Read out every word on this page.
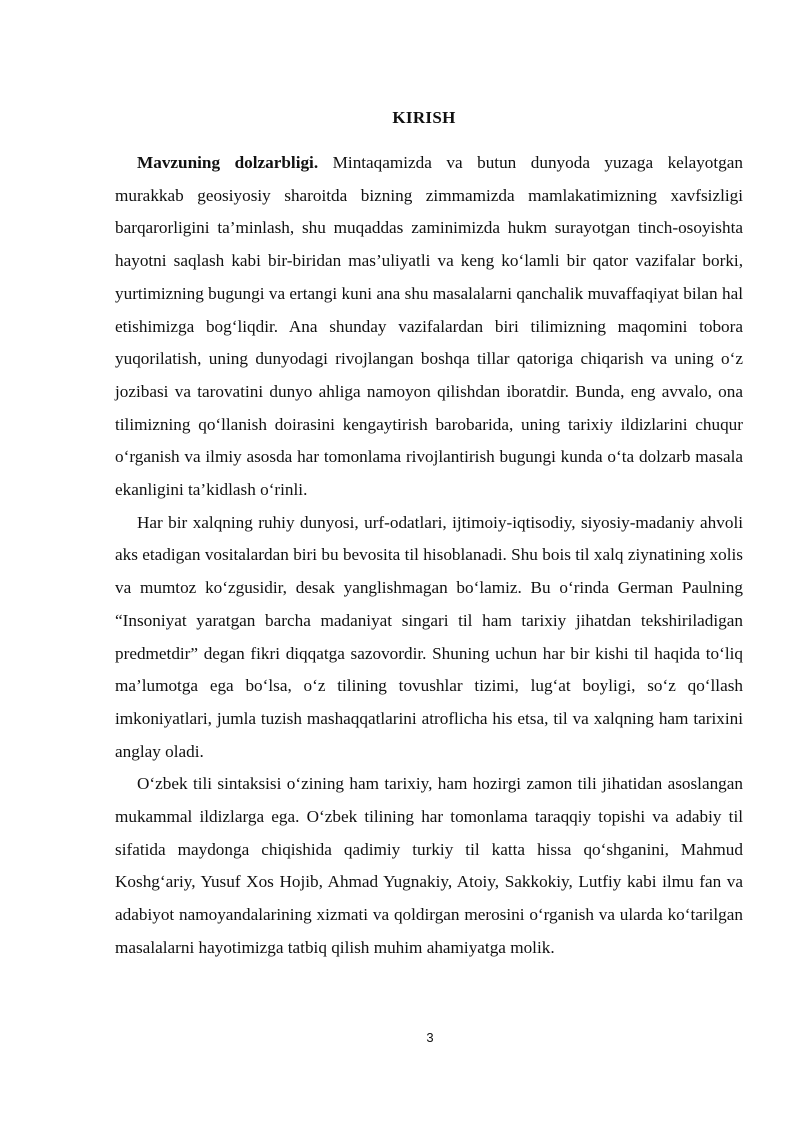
KIRISH

Mavzuning dolzarbligi. Mintaqamizda va butun dunyoda yuzaga kelayotgan murakkab geosiyosiy sharoitda bizning zimmamizda mamlakatimizning xavfsizligi barqarorligini ta’minlash, shu muqaddas zaminimizda hukm surayotgan tinch-osoyishta hayotni saqlash kabi bir-biridan mas’uliyatli va keng ko‘lamli bir qator vazifalar borki, yurtimizning bugungi va ertangi kuni ana shu masalalarni qanchalik muvaffaqiyat bilan hal etishimizga bog‘liqdir. Ana shunday vazifalardan biri tilimizning maqomini tobora yuqorilatish, uning dunyodagi rivojlangan boshqa tillar qatoriga chiqarish va uning o‘z jozibasi va tarovatini dunyo ahliga namoyon qilishdan iboratdir. Bunda, eng avvalo, ona tilimizning qo‘llanish doirasini kengaytirish barobarida, uning tarixiy ildizlarini chuqur o‘rganish va ilmiy asosda har tomonlama rivojlantirish bugungi kunda o‘ta dolzarb masala ekanligini ta’kidlash o‘rinli.

Har bir xalqning ruhiy dunyosi, urf-odatlari, ijtimoiy-iqtisodiy, siyosiy-madaniy ahvoli aks etadigan vositalardan biri bu bevosita til hisoblanadi. Shu bois til xalq ziynatining xolis va mumtoz ko‘zgusidir, desak yanglishmagan bo‘lamiz. Bu o‘rinda German Paulning “Insoniyat yaratgan barcha madaniyat singari til ham tarixiy jihatdan tekshiriladigan predmetdir” degan fikri diqqatga sazovordir. Shuning uchun har bir kishi til haqida to‘liq ma’lumotga ega bo‘lsa, o‘z tilining tovushlar tizimi, lug‘at boyligi, so‘z qo‘llash imkoniyatlari, jumla tuzish mashaqqatlarini atroflicha his etsa, til va xalqning ham tarixini anglay oladi.

O‘zbek tili sintaksisi o‘zining ham tarixiy, ham hozirgi zamon tili jihatidan asoslangan mukammal ildizlarga ega. O‘zbek tilining har tomonlama taraqqiy topishi va adabiy til sifatida maydonga chiqishida qadimiy turkiy til katta hissa qo‘shganini, Mahmud Koshg‘ariy, Yusuf Xos Hojib, Ahmad Yugnakiy, Atoiy, Sakkokiy, Lutfiy kabi ilmu fan va adabiyot namoyandalarining xizmati va qoldirgan merosini o‘rganish va ularda ko‘tarilgan masalalarni hayotimizga tatbiq qilish muhim ahamiyatga molik.

3
